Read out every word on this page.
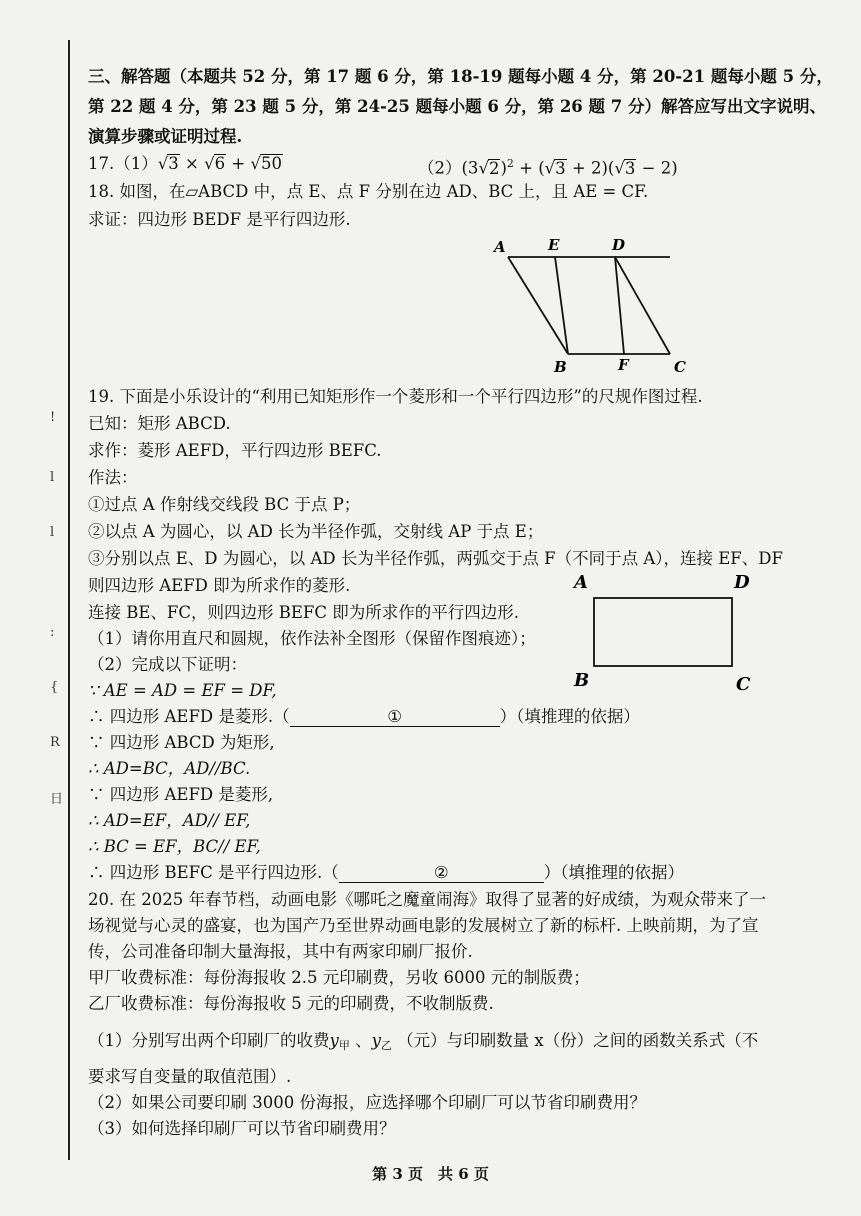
!
l
l
:
{
R
日
三、解答题（本题共 52 分，第 17 题 6 分，第 18-19 题每小题 4 分，第 20-21 题每小题 5 分，
第 22 题 4 分，第 23 题 5 分，第 24-25 题每小题 6 分，第 26 题 7 分）解答应写出文字说明、
演算步骤或证明过程.
17.（1）√3 × √6 + √50	$(2)(3√2)^2 + (√3 + 2)(√3 - 2)$
18. 如图，在▱ABCD 中，点 E、点 F 分别在边 AD、BC 上，且 AE = CF.
求证：四边形 BEDF 是平行四边形.
A	E	D
B	F	C
19. 下面是小乐设计的“利用已知矩形作一个菱形和一个平行四边形”的尺规作图过程.
已知：矩形 ABCD.
求作：菱形 AEFD，平行四边形 BEFC.
作法：
①过点 A 作射线交线段 BC 于点 P；
②以点 A 为圆心，以 AD 长为半径作弧，交射线 AP 于点 E；
③分别以点 E、D 为圆心，以 AD 长为半径作弧，两弧交于点 F（不同于点 A），连接 EF、DF
则四边形 AEFD 即为所求作的菱形.
连接 BE、FC，则四边形 BEFC 即为所求作的平行四边形.
（1）请你用直尺和圆规，依作法补全图形（保留作图痕迹）；
（2）完成以下证明：
∵ AE = AD = EF = DF,
∴ 四边形 AEFD 是菱形.（	①	）（填推理的依据）
∵ 四边形 ABCD 为矩形,
∴ AD=BC，AD//BC.
∵ 四边形 AEFD 是菱形,
∴ AD=EF，AD// EF,
∴ BC = EF，BC// EF,
∴ 四边形 BEFC 是平行四边形.（	②	）（填推理的依据）
A	D
B	C
20. 在 2025 年春节档，动画电影《哪吒之魔童闹海》取得了显著的好成绩，为观众带来了一
场视觉与心灵的盛宴，也为国产乃至世界动画电影的发展树立了新的标杆. 上映前期，为了宣
传，公司准备印制大量海报，其中有两家印刷厂报价.
甲厂收费标准：每份海报收 2.5 元印刷费，另收 6000 元的制版费；
乙厂收费标准：每份海报收 5 元的印刷费，不收制版费.
（1）分别写出两个印刷厂的收费$y_甲$ 、$y_乙$ （元）与印刷数量 x（份）之间的函数关系式（不
要求写自变量的取值范围）.
（2）如果公司要印刷 3000 份海报，应选择哪个印刷厂可以节省印刷费用？
（3）如何选择印刷厂可以节省印刷费用？
第 3 页　共 6 页
